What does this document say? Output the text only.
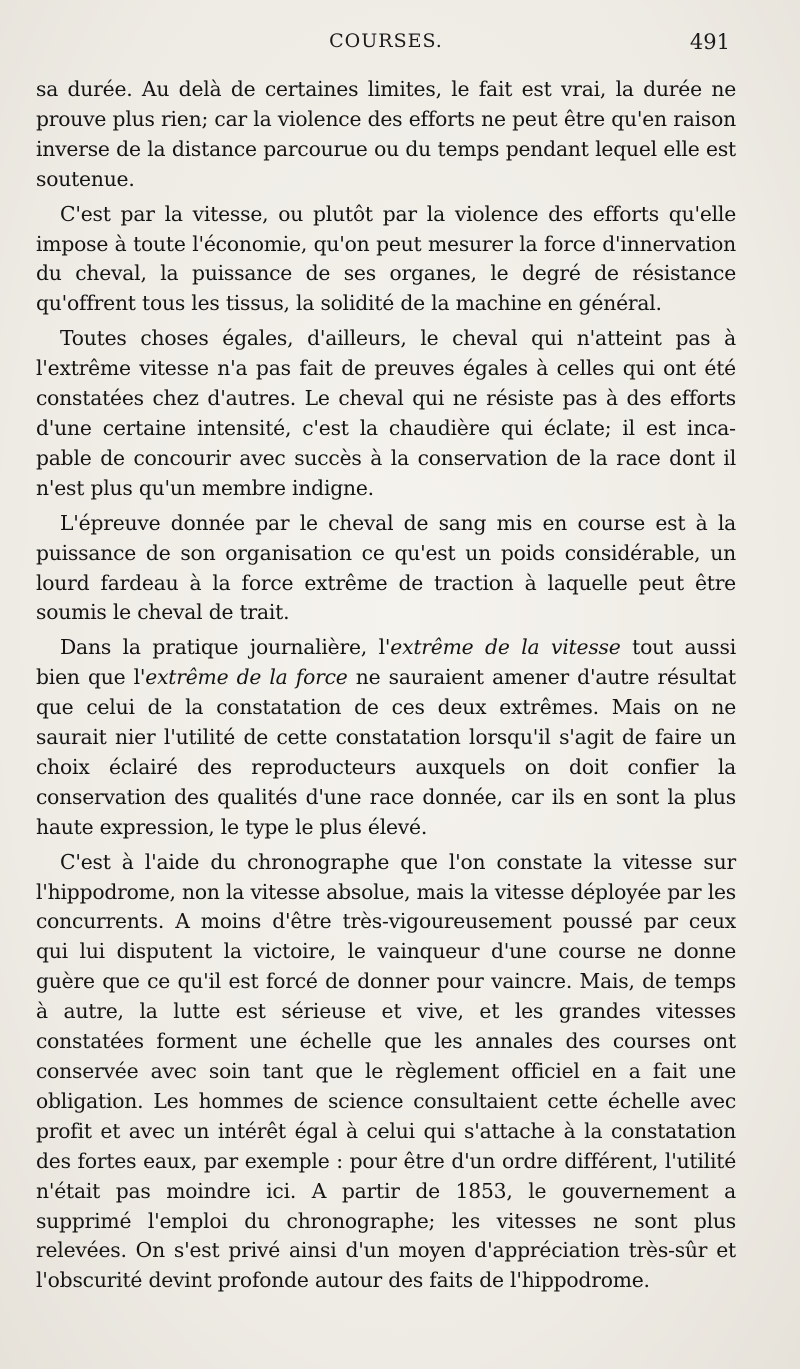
COURSES.	491

sa durée. Au delà de certaines limites, le fait est vrai, la durée ne prouve plus rien; car la violence des efforts ne peut être qu'en raison inverse de la distance parcourue ou du temps pendant lequel elle est soutenue.

C'est par la vitesse, ou plutôt par la violence des efforts qu'elle impose à toute l'économie, qu'on peut mesurer la force d'innervation du cheval, la puissance de ses organes, le degré de résistance qu'offrent tous les tissus, la solidité de la machine en général.

Toutes choses égales, d'ailleurs, le cheval qui n'atteint pas à l'extrême vitesse n'a pas fait de preuves égales à celles qui ont été constatées chez d'autres. Le cheval qui ne résiste pas à des efforts d'une certaine intensité, c'est la chaudière qui éclate; il est incapable de concourir avec succès à la conservation de la race dont il n'est plus qu'un membre indigne.

L'épreuve donnée par le cheval de sang mis en course est à la puissance de son organisation ce qu'est un poids considérable, un lourd fardeau à la force extrême de traction à laquelle peut être soumis le cheval de trait.

Dans la pratique journalière, l'extrême de la vitesse tout aussi bien que l'extrême de la force ne sauraient amener d'autre résultat que celui de la constatation de ces deux extrêmes. Mais on ne saurait nier l'utilité de cette constatation lorsqu'il s'agit de faire un choix éclairé des reproducteurs auxquels on doit confier la conservation des qualités d'une race donnée, car ils en sont la plus haute expression, le type le plus élevé.

C'est à l'aide du chronographe que l'on constate la vitesse sur l'hippodrome, non la vitesse absolue, mais la vitesse déployée par les concurrents. A moins d'être très-vigoureusement poussé par ceux qui lui disputent la victoire, le vainqueur d'une course ne donne guère que ce qu'il est forcé de donner pour vaincre. Mais, de temps à autre, la lutte est sérieuse et vive, et les grandes vitesses constatées forment une échelle que les annales des courses ont conservée avec soin tant que le règlement officiel en a fait une obligation. Les hommes de science consultaient cette échelle avec profit et avec un intérêt égal à celui qui s'attache à la constatation des fortes eaux, par exemple : pour être d'un ordre différent, l'utilité n'était pas moindre ici. A partir de 1853, le gouvernement a supprimé l'emploi du chronographe; les vitesses ne sont plus relevées. On s'est privé ainsi d'un moyen d'appréciation très-sûr et l'obscurité devint profonde autour des faits de l'hippodrome.
